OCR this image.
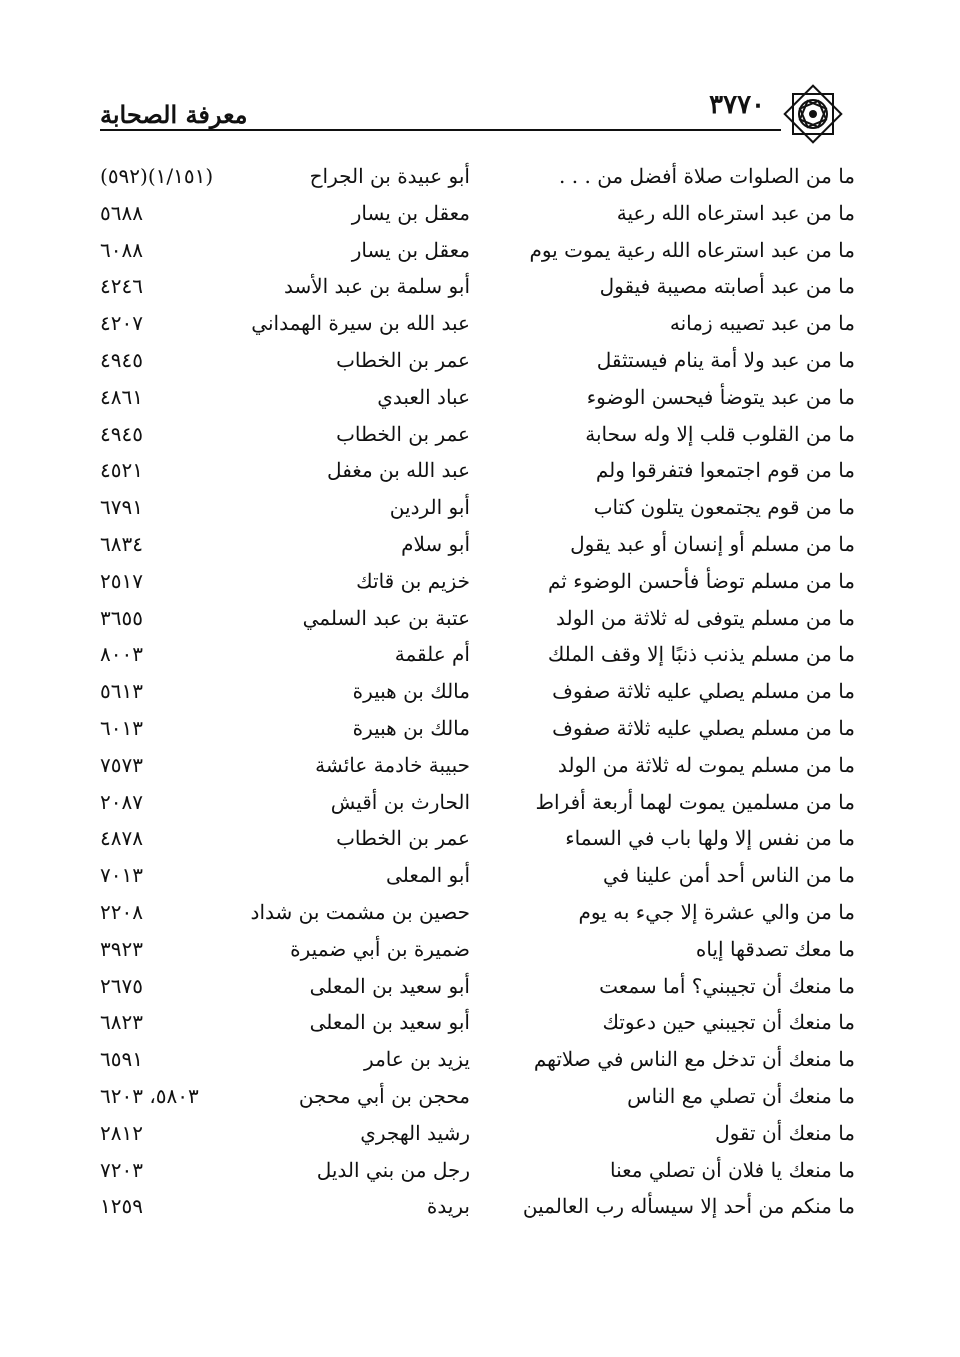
٣٧٧٠
معرفة الصحابة
ما من الصلوات صلاة أفضل من . . .
أبو عبيدة بن الجراح
(١/١٥١)(٥٩٢)
ما من عبد استرعاه الله رعية
معقل بن يسار
٥٦٨٨
ما من عبد استرعاه الله رعية يموت يوم
معقل بن يسار
٦٠٨٨
ما من عبد أصابته مصيبة فيقول
أبو سلمة بن عبد الأسد
٤٢٤٦
ما من عبد تصيبه زمانه
عبد الله بن سيرة الهمداني
٤٢٠٧
ما من عبد ولا أمة ينام فيستثقل
عمر بن الخطاب
٤٩٤٥
ما من عبد يتوضأ فيحسن الوضوء
عباد العبدي
٤٨٦١
ما من القلوب قلب إلا وله سحابة
عمر بن الخطاب
٤٩٤٥
ما من قوم اجتمعوا فتفرقوا ولم
عبد الله بن مغفل
٤٥٢١
ما من قوم يجتمعون يتلون كتاب
أبو الردين
٦٧٩١
ما من مسلم أو إنسان أو عبد يقول
أبو سلام
٦٨٣٤
ما من مسلم توضأ فأحسن الوضوء ثم
خزيم بن قاتك
٢٥١٧
ما من مسلم يتوفى له ثلاثة من الولد
عتبة بن عبد السلمي
٣٦٥٥
ما من مسلم يذنب ذنبًا إلا وقف الملك
أم علقمة
٨٠٠٣
ما من مسلم يصلي عليه ثلاثة صفوف
مالك بن هبيرة
٥٦١٣
ما من مسلم يصلي عليه ثلاثة صفوف
مالك بن هبيرة
٦٠١٣
ما من مسلم يموت له ثلاثة من الولد
حبيبة خادمة عائشة
٧٥٧٣
ما من مسلمين يموت لهما أربعة أفراط
الحارث بن أقيش
٢٠٨٧
ما من نفس إلا ولها باب في السماء
عمر بن الخطاب
٤٨٧٨
ما من الناس أحد أمن علينا في
أبو المعلى
٧٠١٣
ما من والي عشرة إلا جيء به يوم
حصين بن مشمت بن شداد
٢٢٠٨
ما معك تصدقها إياه
ضميرة بن أبي ضميرة
٣٩٢٣
ما منعك أن تجيبني؟ أما سمعت
أبو سعيد بن المعلى
٢٦٧٥
ما منعك أن تجيبني حين دعوتك
أبو سعيد بن المعلى
٦٨٢٣
ما منعك أن تدخل مع الناس في صلاتهم
يزيد بن عامر
٦٥٩١
ما منعك أن تصلي مع الناس
محجن بن أبي محجن
٥٨٠٣، ٦٢٠٣
ما منعك أن تقول
رشيد الهجري
٢٨١٢
ما منعك يا فلان أن تصلي معنا
رجل من بني الديل
٧٢٠٣
ما منكم من أحد إلا سيسأله رب العالمين
بريدة
١٢٥٩
